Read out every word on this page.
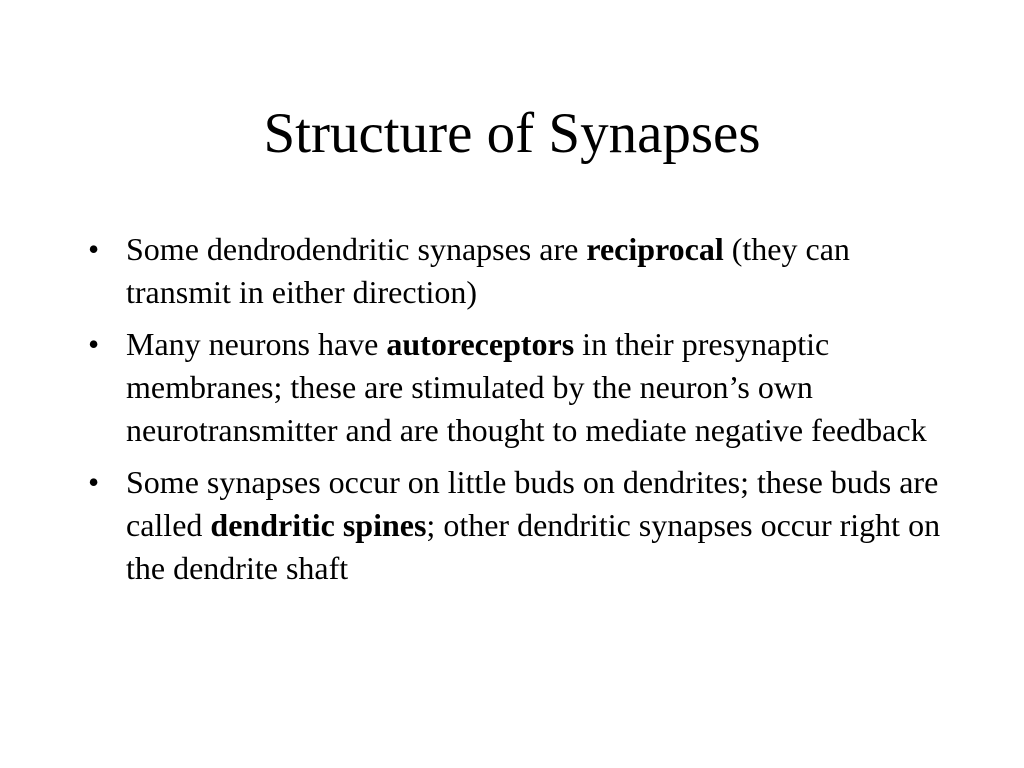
Structure of Synapses
• Some dendrodendritic synapses are reciprocal (they can transmit in either direction)
• Many neurons have autoreceptors in their presynaptic membranes; these are stimulated by the neuron’s own neurotransmitter and are thought to mediate negative feedback
• Some synapses occur on little buds on dendrites; these buds are called dendritic spines; other dendritic synapses occur right on the dendrite shaft
